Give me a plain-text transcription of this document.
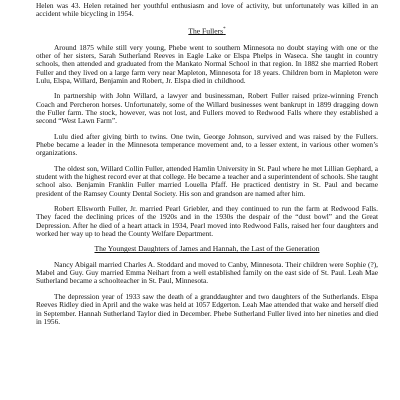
Helen was 43. Helen retained her youthful enthusiasm and love of activity, but unfortunately was killed in an accident while bicycling in 1954.

The Fullers*

Around 1875 while still very young, Phebe went to southern Minnesota no doubt staying with one or the other of her sisters, Sarah Sutherland Reeves in Eagle Lake or Elspa Phelps in Waseca. She taught in country schools, then attended and graduated from the Mankato Normal School in that region. In 1882 she married Robert Fuller and they lived on a large farm very near Mapleton, Minnesota for 18 years. Children born in Mapleton were Lulu, Elspa, Willard, Benjamin and Robert, Jr. Elspa died in childhood.

In partnership with John Willard, a lawyer and businessman, Robert Fuller raised prize-winning French Coach and Percheron horses. Unfortunately, some of the Willard businesses went bankrupt in 1899 dragging down the Fuller farm. The stock, however, was not lost, and Fullers moved to Redwood Falls where they established a second “West Lawn Farm”.

Lulu died after giving birth to twins. One twin, George Johnson, survived and was raised by the Fullers. Phebe became a leader in the Minnesota temperance movement and, to a lesser extent, in various other women’s organizations.

The oldest son, Willard Collin Fuller, attended Hamlin University in St. Paul where he met Lillian Gephard, a student with the highest record ever at that college. He became a teacher and a superintendent of schools. She taught school also. Benjamin Franklin Fuller married Louella Pfaff. He practiced dentistry in St. Paul and became president of the Ramsey County Dental Society. His son and grandson are named after him.

Robert Ellsworth Fuller, Jr. married Pearl Griebler, and they continued to run the farm at Redwood Falls. They faced the declining prices of the 1920s and in the 1930s the despair of the “dust bowl” and the Great Depression. After he died of a heart attack in 1934, Pearl moved into Redwood Falls, raised her four daughters and worked her way up to head the County Welfare Department.

The Youngest Daughters of James and Hannah, the Last of the Generation

Nancy Abigail married Charles A. Stoddard and moved to Canby, Minnesota. Their children were Sophie (?), Mabel and Guy. Guy married Emma Neihart from a well established family on the east side of St. Paul. Leah Mae Sutherland became a schoolteacher in St. Paul, Minnesota.

The depression year of 1933 saw the death of a granddaughter and two daughters of the Sutherlands. Elspa Reeves Ridley died in April and the wake was held at 1057 Edgerton. Leah Mae attended that wake and herself died in September. Hannah Sutherland Taylor died in December. Phebe Sutherland Fuller lived into her nineties and died in 1956.
